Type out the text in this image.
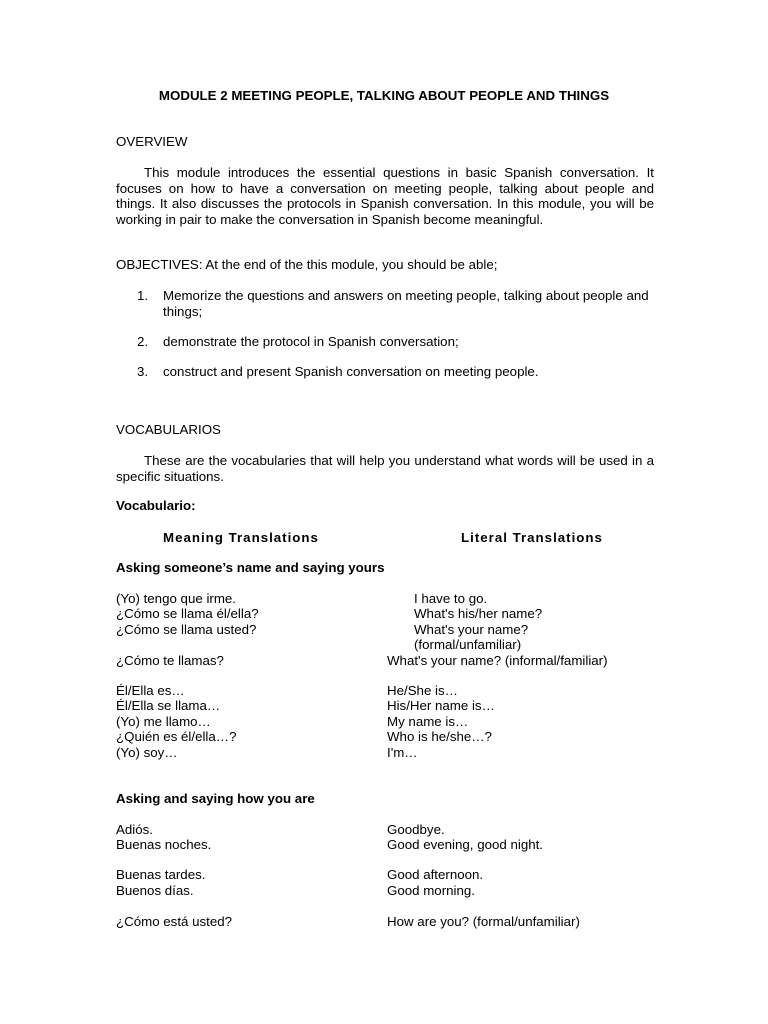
MODULE 2 MEETING PEOPLE, TALKING ABOUT PEOPLE AND THINGS
OVERVIEW
This module introduces the essential questions in basic Spanish conversation. It focuses on how to have a conversation on meeting people, talking about people and things. It also discusses the protocols in Spanish conversation. In this module, you will be working in pair to make the conversation in Spanish become meaningful.
OBJECTIVES: At the end of the this module, you should be able;
1. Memorize the questions and answers on meeting people, talking about people and things;
2. demonstrate the protocol in Spanish conversation;
3. construct and present Spanish conversation on meeting people.
VOCABULARIOS
These are the vocabularies that will help you understand what words will be used in a specific situations.
Vocabulario:
Meaning Translations	Literal Translations
Asking someone’s name and saying yours
(Yo) tengo que irme.	I have to go.
¿Cómo se llama él/ella?	What's his/her name?
¿Cómo se llama usted?	What's your name?
(formal/unfamiliar)
¿Cómo te llamas?	What's your name? (informal/familiar)
Él/Ella es…	He/She is…
Él/Ella se llama…	His/Her name is…
(Yo) me llamo…	My name is…
¿Quién es él/ella…?	Who is he/she…?
(Yo) soy…	I'm…
Asking and saying how you are
Adiós.	Goodbye.
Buenas noches.	Good evening, good night.
Buenas tardes.	Good afternoon.
Buenos días.	Good morning.
¿Cómo está usted?	How are you? (formal/unfamiliar)
